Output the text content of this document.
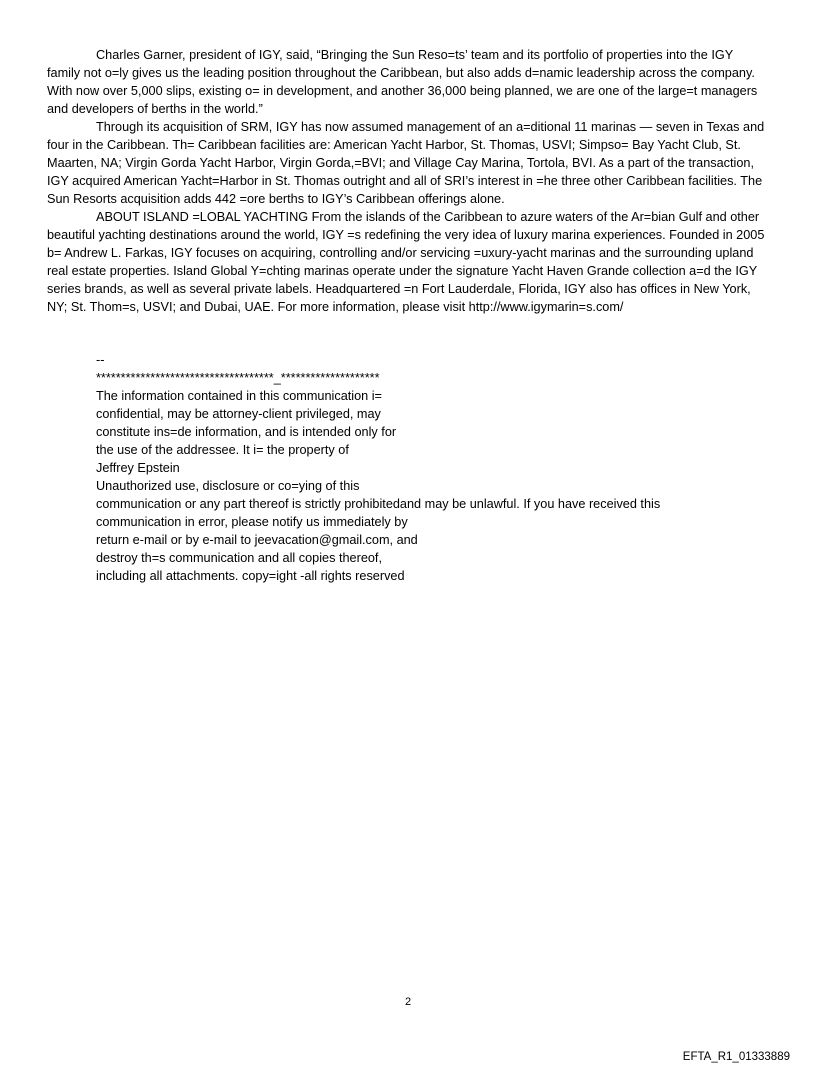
Charles Garner, president of IGY, said, “Bringing the Sun Reso=ts’ team and its portfolio of properties into the IGY family not o=ly gives us the leading position throughout the Caribbean, but also adds d=namic leadership across the company. With now over 5,000 slips, existing o= in development, and another 36,000 being planned, we are one of the large=t managers and developers of berths in the world.”

Through its acquisition of SRM, IGY has now assumed management of an a=ditional 11 marinas — seven in Texas and four in the Caribbean. Th= Caribbean facilities are: American Yacht Harbor, St. Thomas, USVI; Simpso= Bay Yacht Club, St. Maarten, NA; Virgin Gorda Yacht Harbor, Virgin Gorda,=BVI; and Village Cay Marina, Tortola, BVI. As a part of the transaction, IGY acquired American Yacht=Harbor in St. Thomas outright and all of SRI’s interest in =he three other Caribbean facilities. The Sun Resorts acquisition adds 442 =ore berths to IGY’s Caribbean offerings alone.

ABOUT ISLAND =LOBAL YACHTING From the islands of the Caribbean to azure waters of the Ar=bian Gulf and other beautiful yachting destinations around the world, IGY =s redefining the very idea of luxury marina experiences. Founded in 2005 b= Andrew L. Farkas, IGY focuses on acquiring, controlling and/or servicing =uxury-yacht marinas and the surrounding upland real estate properties. Island Global Y=chting marinas operate under the signature Yacht Haven Grande collection a=d the IGY series brands, as well as several private labels. Headquartered =n Fort Lauderdale, Florida, IGY also has offices in New York, NY; St. Thom=s, USVI; and Dubai, UAE. For more information, please visit http://www.igymarin=s.com/

--
************************************_********************
The information contained in this communication i=
confidential, may be attorney-client privileged, may
constitute ins=de information, and is intended only for
the use of the addressee. It i= the property of
Jeffrey Epstein
Unauthorized use, disclosure or co=ying of this
communication or any part thereof is strictly prohibitedand may be unlawful. If you have received this
communication in error, please notify us immediately by
return e-mail or by e-mail to jeevacation@gmail.com, and
destroy th=s communication and all copies thereof,
including all attachments. copy=ight -all rights reserved
2
EFTA_R1_01333889
